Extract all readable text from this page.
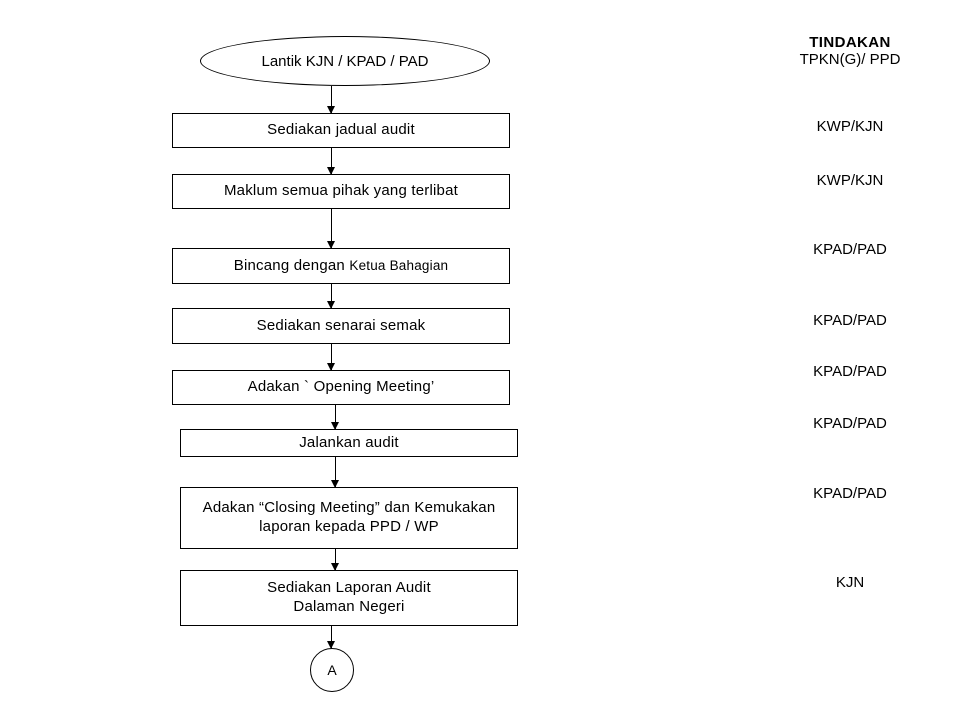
TINDAKAN
TPKN(G)/ PPD
Lantik KJN / KPAD / PAD
Sediakan jadual audit	KWP/KJN
Maklum semua pihak yang terlibat
KWP/KJN
Bincang dengan Ketua Bahagian
KPAD/PAD
Sediakan senarai semak	KPAD/PAD
Adakan ` Opening Meeting’
KPAD/PAD
Jalankan audit
KPAD/PAD
Adakan “Closing Meeting” dan Kemukakan
laporan kepada PPD / WP
KPAD/PAD
Sediakan Laporan Audit
Dalaman Negeri
KJN
A
